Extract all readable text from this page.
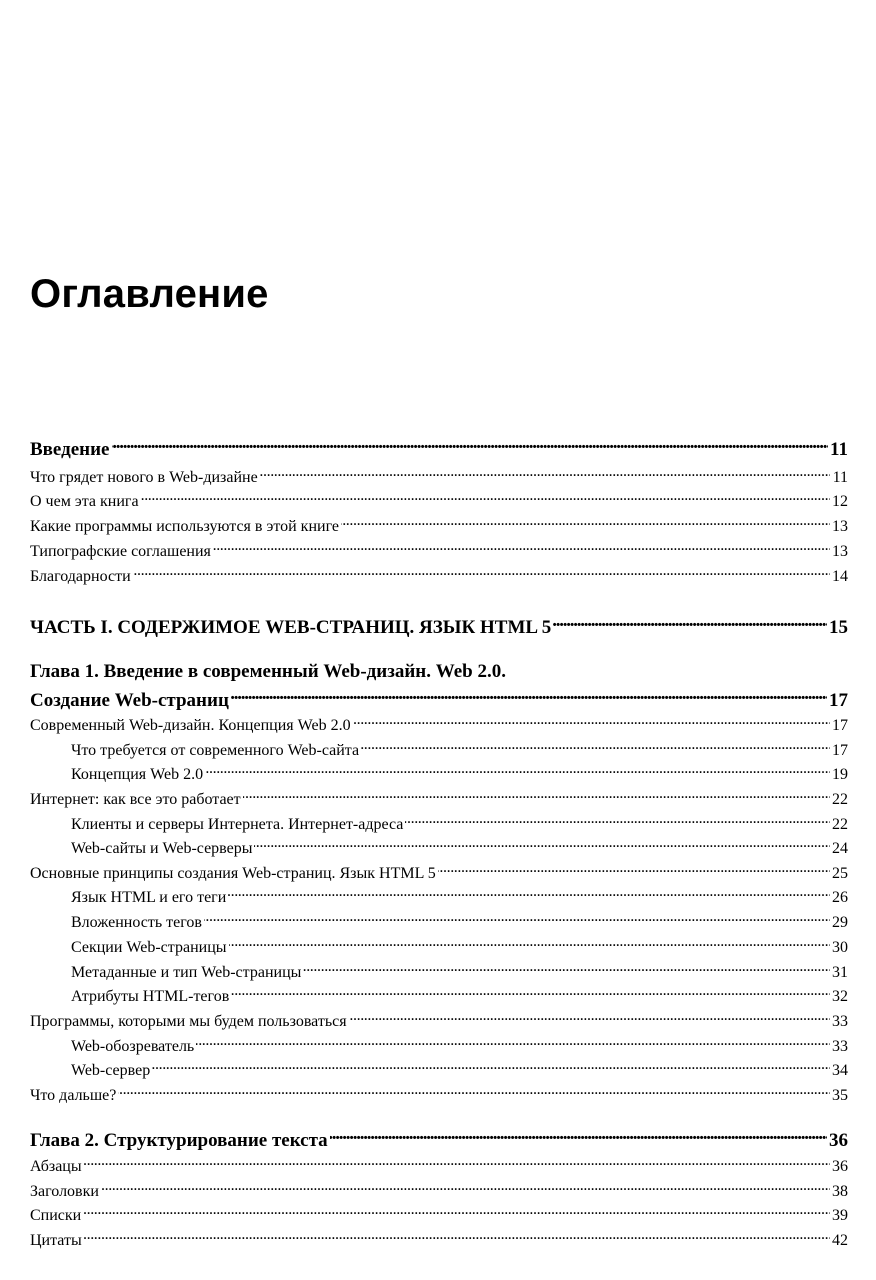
Оглавление
Введение . . .	11
Что грядет нового в Web-дизайне . . .	11
О чем эта книга . . .	12
Какие программы используются в этой книге . . .	13
Типографские соглашения . . .	13
Благодарности . . .	14
ЧАСТЬ I. СОДЕРЖИМОЕ WEB-СТРАНИЦ. ЯЗЫК HTML 5 . . .	15
Глава 1. Введение в современный Web-дизайн. Web 2.0.
Создание Web-страниц . . .	17
Современный Web-дизайн. Концепция Web 2.0 . . .	17
Что требуется от современного Web-сайта . . .	17
Концепция Web 2.0 . . .	19
Интернет: как все это работает . . .	22
Клиенты и серверы Интернета. Интернет-адреса . . .	22
Web-сайты и Web-серверы . . .	24
Основные принципы создания Web-страниц. Язык HTML 5 . . .	25
Язык HTML и его теги . . .	26
Вложенность тегов . . .	29
Секции Web-страницы . . .	30
Метаданные и тип Web-страницы . . .	31
Атрибуты HTML-тегов . . .	32
Программы, которыми мы будем пользоваться . . .	33
Web-обозреватель . . .	33
Web-сервер . . .	34
Что дальше? . . .	35
Глава 2. Структурирование текста . . .	36
Абзацы . . .	36
Заголовки . . .	38
Списки . . .	39
Цитаты . . .	42
